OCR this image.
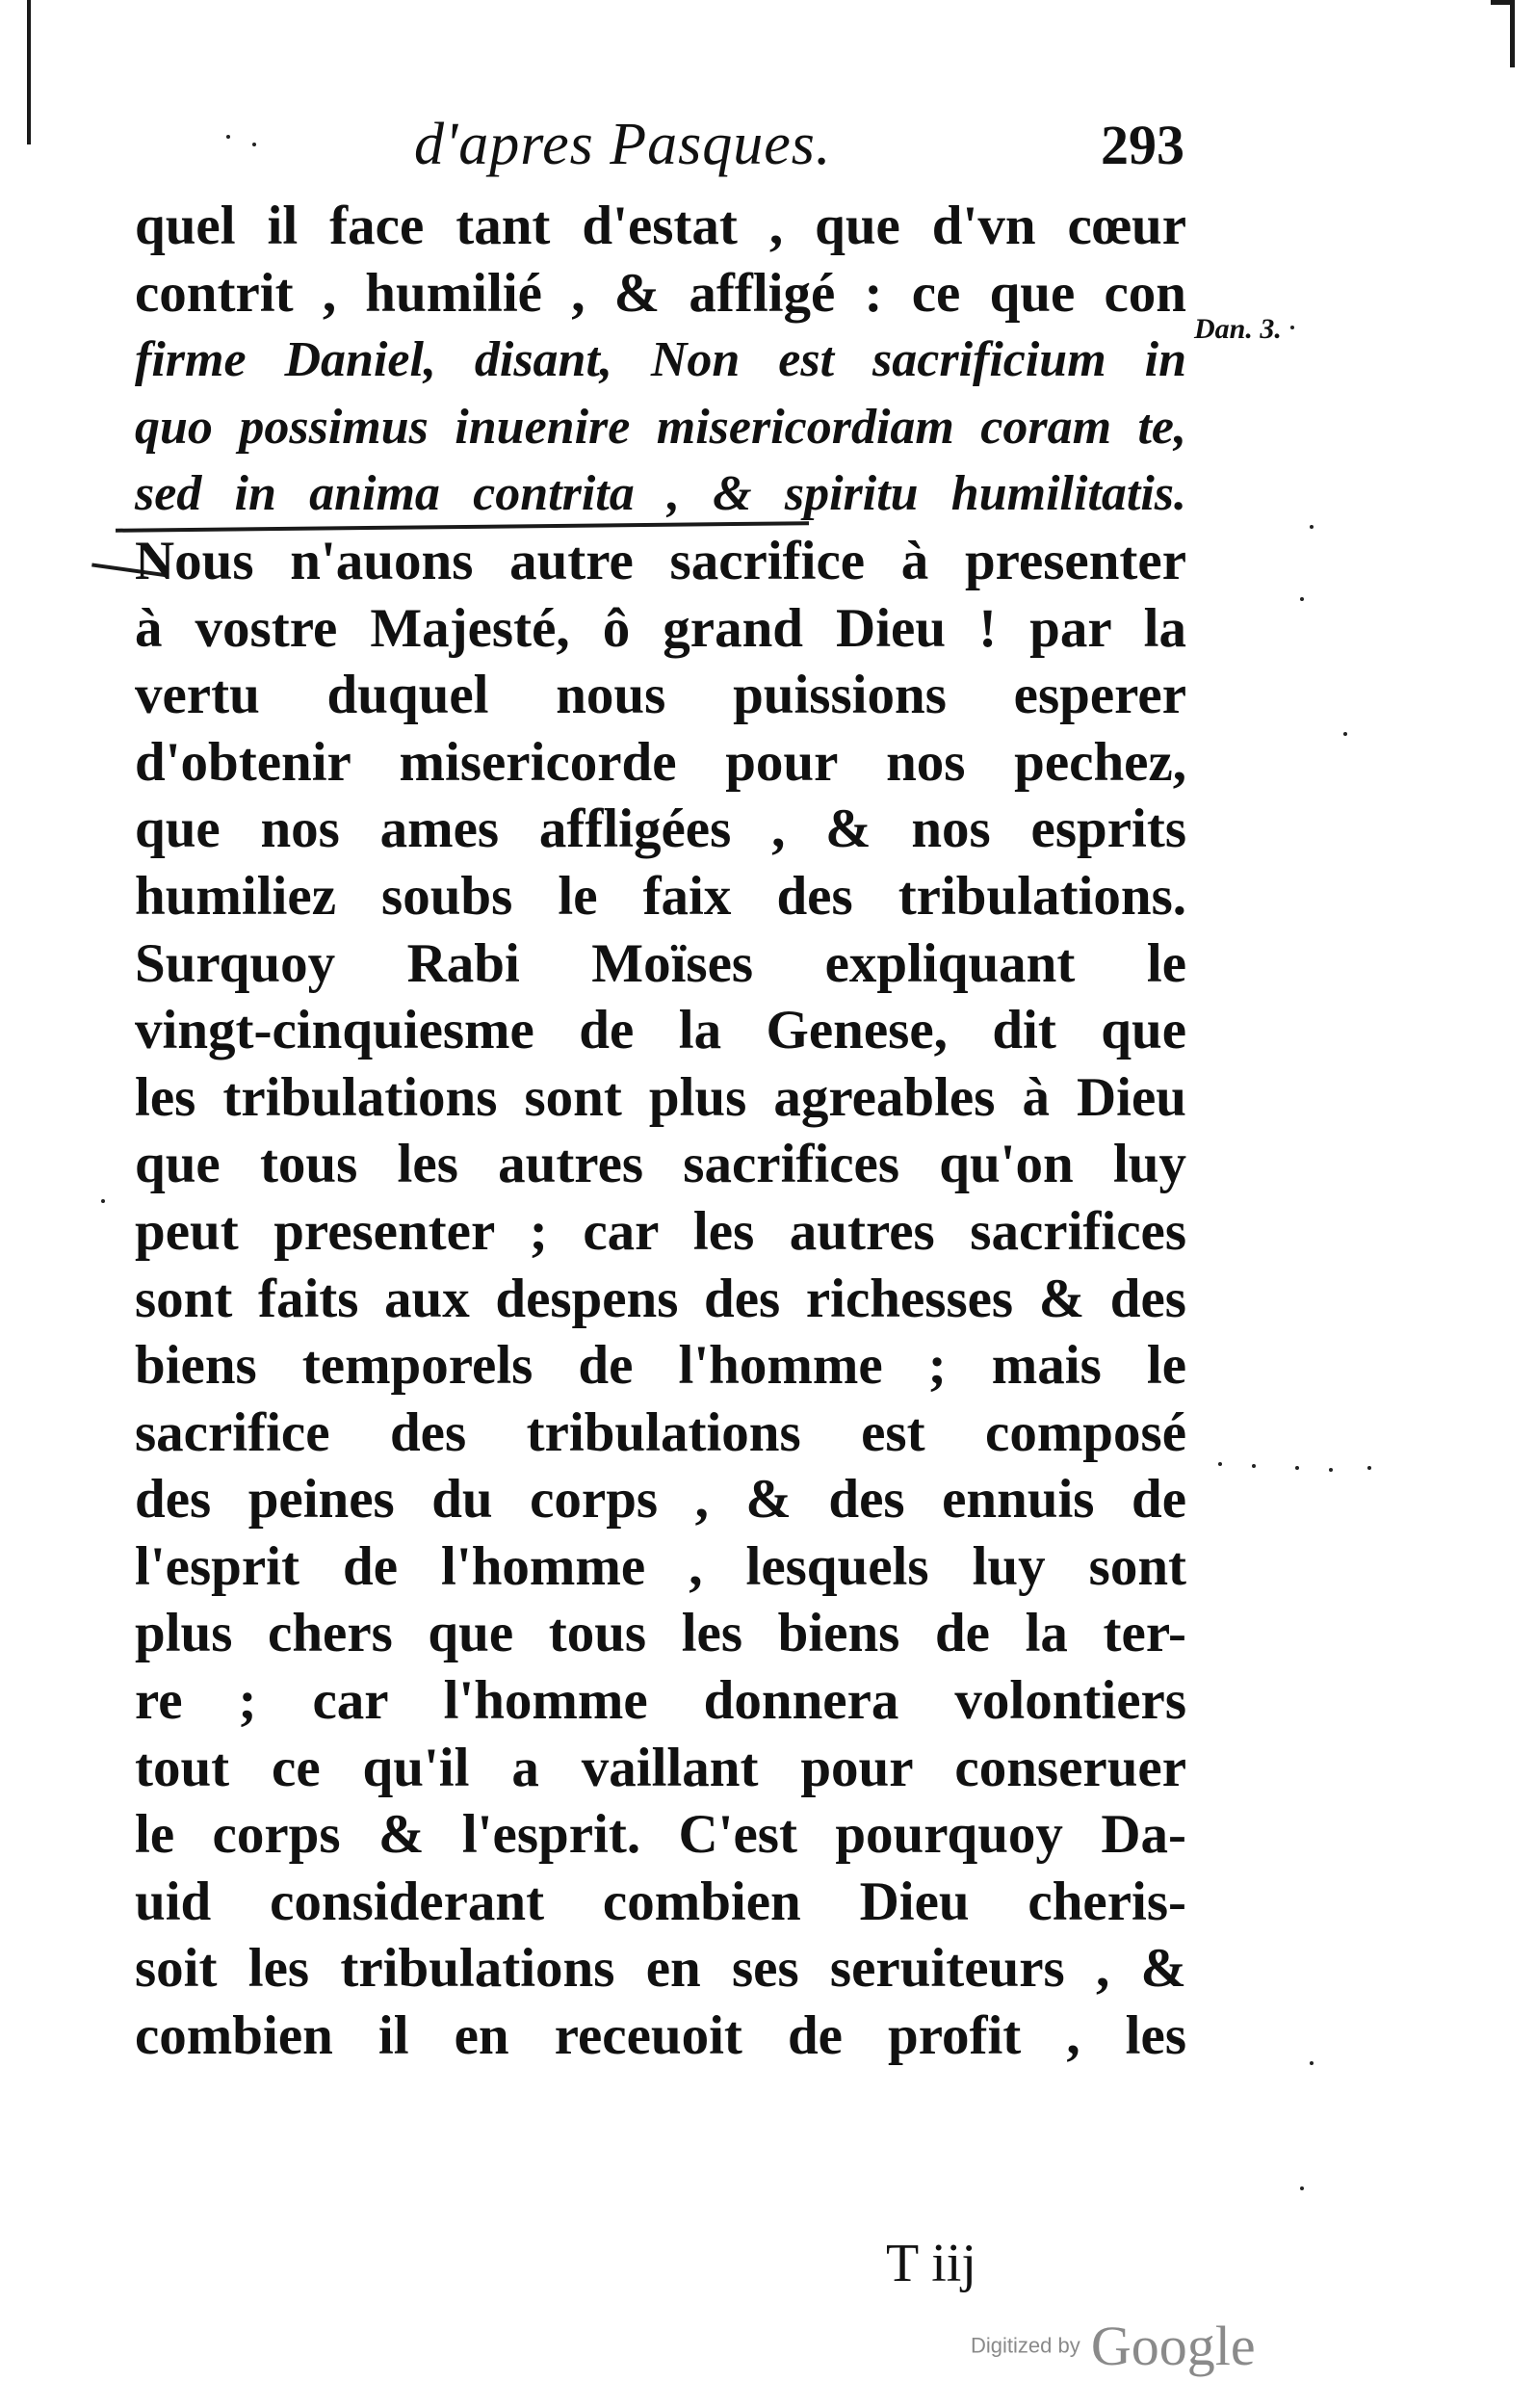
d'apres Pasques.	293
Dan. 3.
quel il face tant d'estat , que d'vn cœur
contrit , humilié , & affligé : ce que con
firme Daniel, disant, Non est sacrificium in
quo possimus inuenire misericordiam coram te,
sed in anima contrita , & spiritu humilitatis.
Nous n'auons autre sacrifice à presenter
à vostre Majesté, ô grand Dieu ! par la
vertu duquel nous puissions esperer
d'obtenir misericorde pour nos pechez,
que nos ames affligées , & nos esprits
humiliez soubs le faix des tribulations.
Surquoy Rabi Moïses expliquant le
vingt-cinquiesme de la Genese, dit que
les tribulations sont plus agreables à Dieu
que tous les autres sacrifices qu'on luy
peut presenter ; car les autres sacrifices
sont faits aux despens des richesses & des
biens temporels de l'homme ; mais le
sacrifice des tribulations est composé
des peines du corps , & des ennuis de
l'esprit de l'homme , lesquels luy sont
plus chers que tous les biens de la ter-
re ; car l'homme donnera volontiers
tout ce qu'il a vaillant pour conseruer
le corps & l'esprit. C'est pourquoy Da-
uid considerant combien Dieu cheris-
soit les tribulations en ses seruiteurs , &
combien il en receuoit de profit , les
T iij
Digitized by Google
